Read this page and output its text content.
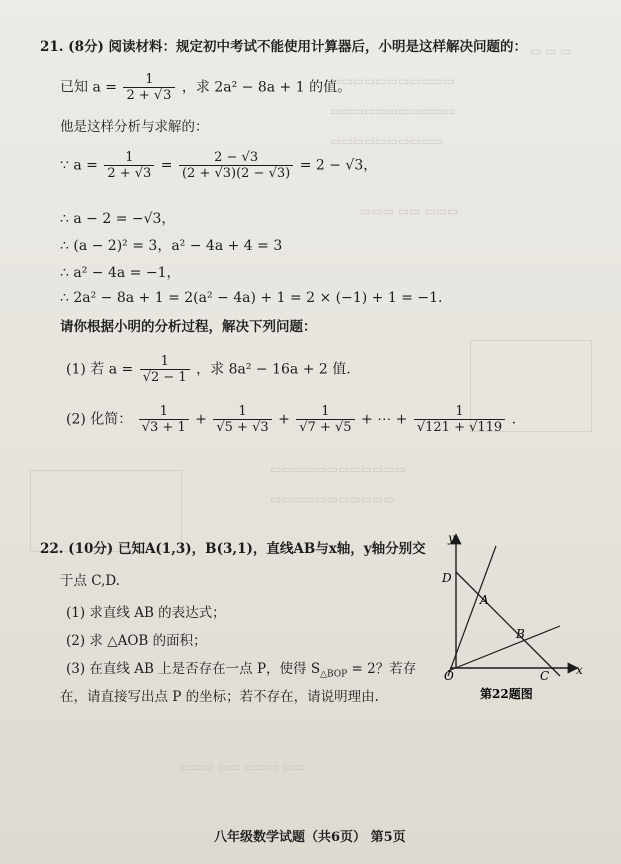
▭ ▭ ▭
▭▭▭▭▭▭▭▭▭▭▭
▭▭▭▭▭▭▭▭▭▭▭
▭▭▭▭▭▭▭▭▭▭
▭▭▭ ▭▭ ▭▭▭
▭▭▭▭▭▭▭▭▭▭▭▭
▭▭▭▭▭▭▭▭▭▭▭
▭▭▭ ▭▭ ▭▭▭ ▭▭
21. (8分) 阅读材料：规定初中考试不能使用计算器后，小明是这样解决问题的：
已知 $a = \frac{1}{2 + √3}$ ，求 2a² − 8a + 1 的值。
他是这样分析与求解的：
∵ $a = \frac{1}{2 + √3} = \frac{2 - √3}{(2 + √3)(2 - √3)} = 2 - √3$，
∴ a − 2 = −√3，
∴ (a − 2)² = 3，a² − 4a + 4 = 3
∴ a² − 4a = −1，
∴ 2a² − 8a + 1 = 2(a² − 4a) + 1 = 2 × (−1) + 1 = −1.
请你根据小明的分析过程，解决下列问题：
(1) 若 $a = \frac{1}{√2 - 1}$ ，求 8a² − 16a + 2 值.
(2) 化简： $\frac{1}{√3 + 1} + \frac{1}{√5 + √3} + \frac{1}{√7 + √5}$ + ⋯ + $\frac{1}{√121 + √119}$ .
22. (10分) 已知A(1,3)，B(3,1)，直线AB与x轴，y轴分别交
于点 C,D.
(1) 求直线 AB 的表达式；
(2) 求 △AOB 的面积；
(3) 在直线 AB 上是否存在一点 P，使得 $S_{\triangle BOP} = 2$？若存
在，请直接写出点 P 的坐标；若不存在，请说明理由.
y
x
D
A
B
O	C
第22题图
八年级数学试题（共6页） 第5页
